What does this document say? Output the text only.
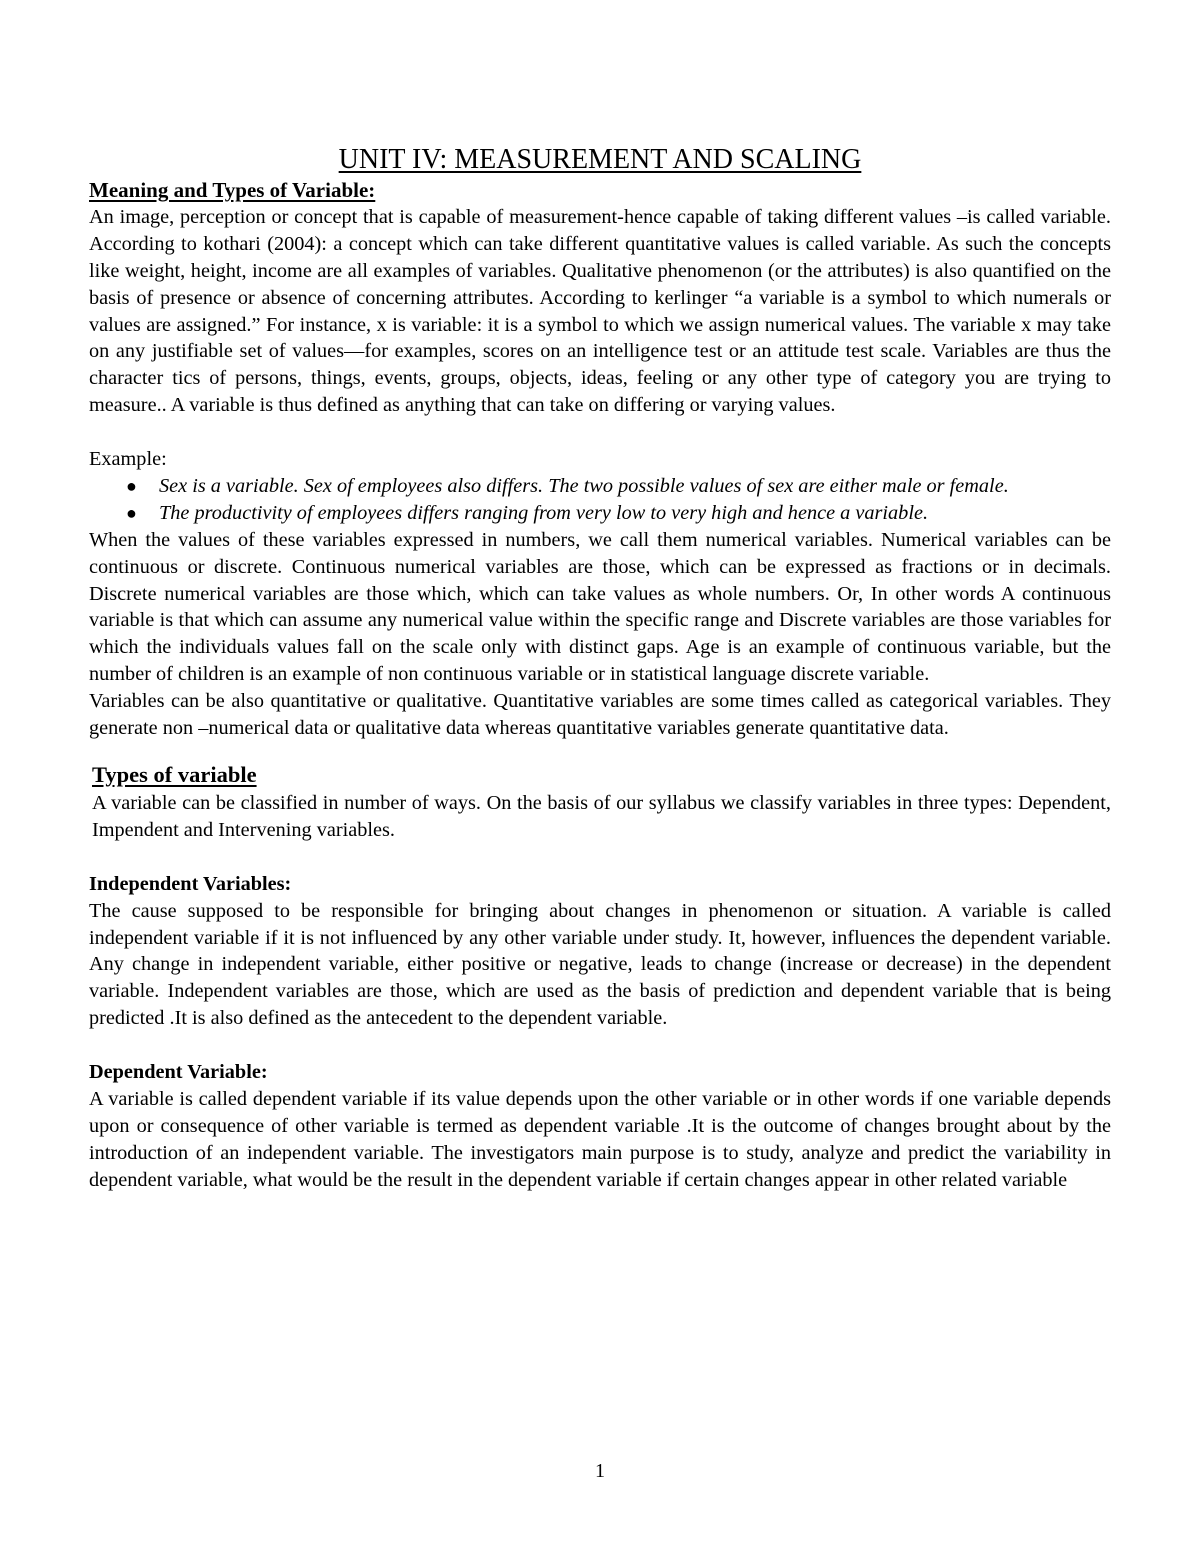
UNIT IV: MEASUREMENT AND SCALING
Meaning and Types of Variable:

An image, perception or concept that is capable of measurement-hence capable of taking different values –is called variable. According to kothari (2004): a concept which can take different quantitative values is called variable. As such the concepts like weight, height, income are all examples of variables. Qualitative phenomenon (or the attributes) is also quantified on the basis of presence or absence of concerning attributes. According to kerlinger “a variable is a symbol to which numerals or values are assigned.” For instance, x is variable: it is a symbol to which we assign numerical values. The variable x may take on any justifiable set of values—for examples, scores on an intelligence test or an attitude test scale. Variables are thus the character tics of persons, things, events, groups, objects, ideas, feeling or any other type of category you are trying to measure.. A variable is thus defined as anything that can take on differing or varying values.

Example:

● Sex is a variable. Sex of employees also differs. The two possible values of sex are either male or female.
● The productivity of employees differs ranging from very low to very high and hence a variable.

When the values of these variables expressed in numbers, we call them numerical variables. Numerical variables can be continuous or discrete. Continuous numerical variables are those, which can be expressed as fractions or in decimals. Discrete numerical variables are those which, which can take values as whole numbers. Or, In other words A continuous variable is that which can assume any numerical value within the specific range and Discrete variables are those variables for which the individuals values fall on the scale only with distinct gaps. Age is an example of continuous variable, but the number of children is an example of non continuous variable or in statistical language discrete variable.

Variables can be also quantitative or qualitative. Quantitative variables are some times called as categorical variables. They generate non –numerical data or qualitative data whereas quantitative variables generate quantitative data.

Types of variable

A variable can be classified in number of ways. On the basis of our syllabus we classify variables in three types: Dependent, Impendent and Intervening variables.

Independent Variables:

The cause supposed to be responsible for bringing about changes in phenomenon or situation. A variable is called independent variable if it is not influenced by any other variable under study. It, however, influences the dependent variable. Any change in independent variable, either positive or negative, leads to change (increase or decrease) in the dependent variable. Independent variables are those, which are used as the basis of prediction and dependent variable that is being predicted .It is also defined as the antecedent to the dependent variable.

Dependent Variable:

A variable is called dependent variable if its value depends upon the other variable or in other words if one variable depends upon or consequence of other variable is termed as dependent variable .It is the outcome of changes brought about by the introduction of an independent variable. The investigators main purpose is to study, analyze and predict the variability in dependent variable, what would be the result in the dependent variable if certain changes appear in other related variable

1
